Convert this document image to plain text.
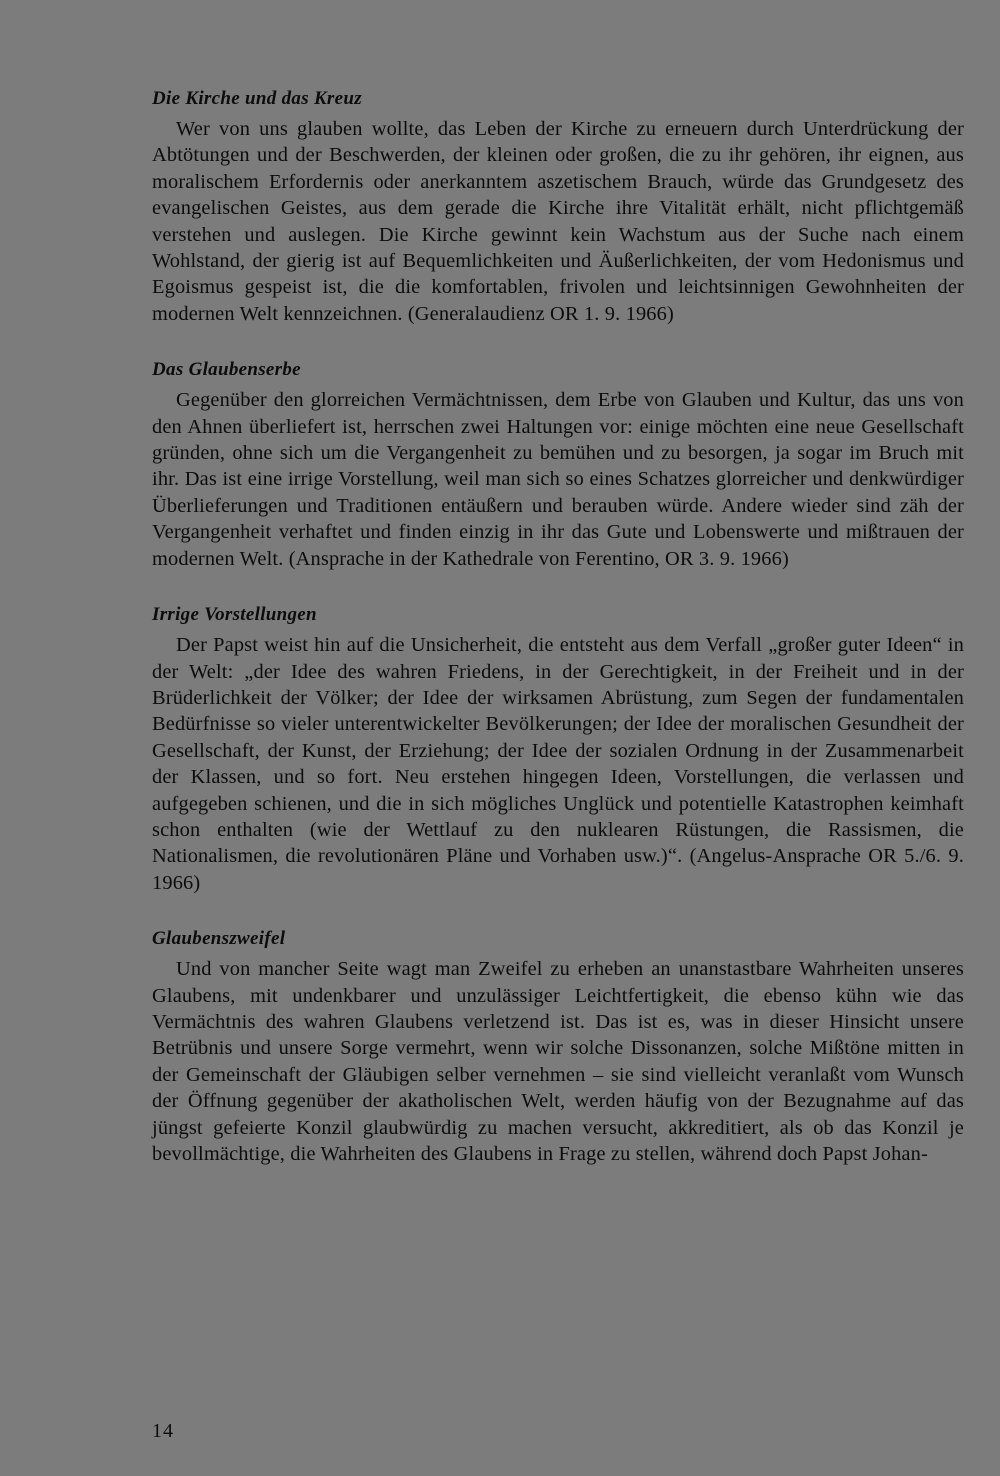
Die Kirche und das Kreuz

Wer von uns glauben wollte, das Leben der Kirche zu erneuern durch Unterdrückung der Abtötungen und der Beschwerden, der kleinen oder großen, die zu ihr gehören, ihr eignen, aus moralischem Erfordernis oder anerkanntem aszetischem Brauch, würde das Grundgesetz des evangelischen Geistes, aus dem gerade die Kirche ihre Vitalität erhält, nicht pflichtgemäß verstehen und auslegen. Die Kirche gewinnt kein Wachstum aus der Suche nach einem Wohlstand, der gierig ist auf Bequemlichkeiten und Äußerlichkeiten, der vom Hedonismus und Egoismus gespeist ist, die die komfortablen, frivolen und leichtsinnigen Gewohnheiten der modernen Welt kennzeichnen. (Generalaudienz OR 1. 9. 1966)

Das Glaubenserbe

Gegenüber den glorreichen Vermächtnissen, dem Erbe von Glauben und Kultur, das uns von den Ahnen überliefert ist, herrschen zwei Haltungen vor: einige möchten eine neue Gesellschaft gründen, ohne sich um die Vergangenheit zu bemühen und zu besorgen, ja sogar im Bruch mit ihr. Das ist eine irrige Vorstellung, weil man sich so eines Schatzes glorreicher und denkwürdiger Überlieferungen und Traditionen entäußern und berauben würde. Andere wieder sind zäh der Vergangenheit verhaftet und finden einzig in ihr das Gute und Lobenswerte und mißtrauen der modernen Welt. (Ansprache in der Kathedrale von Ferentino, OR 3. 9. 1966)

Irrige Vorstellungen

Der Papst weist hin auf die Unsicherheit, die entsteht aus dem Verfall „großer guter Ideen“ in der Welt: „der Idee des wahren Friedens, in der Gerechtigkeit, in der Freiheit und in der Brüderlichkeit der Völker; der Idee der wirksamen Abrüstung, zum Segen der fundamentalen Bedürfnisse so vieler unterentwickelter Bevölkerungen; der Idee der moralischen Gesundheit der Gesellschaft, der Kunst, der Erziehung; der Idee der sozialen Ordnung in der Zusammenarbeit der Klassen, und so fort. Neu erstehen hingegen Ideen, Vorstellungen, die verlassen und aufgegeben schienen, und die in sich mögliches Unglück und potentielle Katastrophen keimhaft schon enthalten (wie der Wettlauf zu den nuklearen Rüstungen, die Rassismen, die Nationalismen, die revolutionären Pläne und Vorhaben usw.)“. (Angelus-Ansprache OR 5./6. 9. 1966)

Glaubenszweifel

Und von mancher Seite wagt man Zweifel zu erheben an unanstastbare Wahrheiten unseres Glaubens, mit undenkbarer und unzulässiger Leichtfertigkeit, die ebenso kühn wie das Vermächtnis des wahren Glaubens verletzend ist. Das ist es, was in dieser Hinsicht unsere Betrübnis und unsere Sorge vermehrt, wenn wir solche Dissonanzen, solche Mißtöne mitten in der Gemeinschaft der Gläubigen selber vernehmen – sie sind vielleicht veranlaßt vom Wunsch der Öffnung gegenüber der akatholischen Welt, werden häufig von der Bezugnahme auf das jüngst gefeierte Konzil glaubwürdig zu machen versucht, akkreditiert, als ob das Konzil je bevollmächtige, die Wahrheiten des Glaubens in Frage zu stellen, während doch Papst Johan-

14
